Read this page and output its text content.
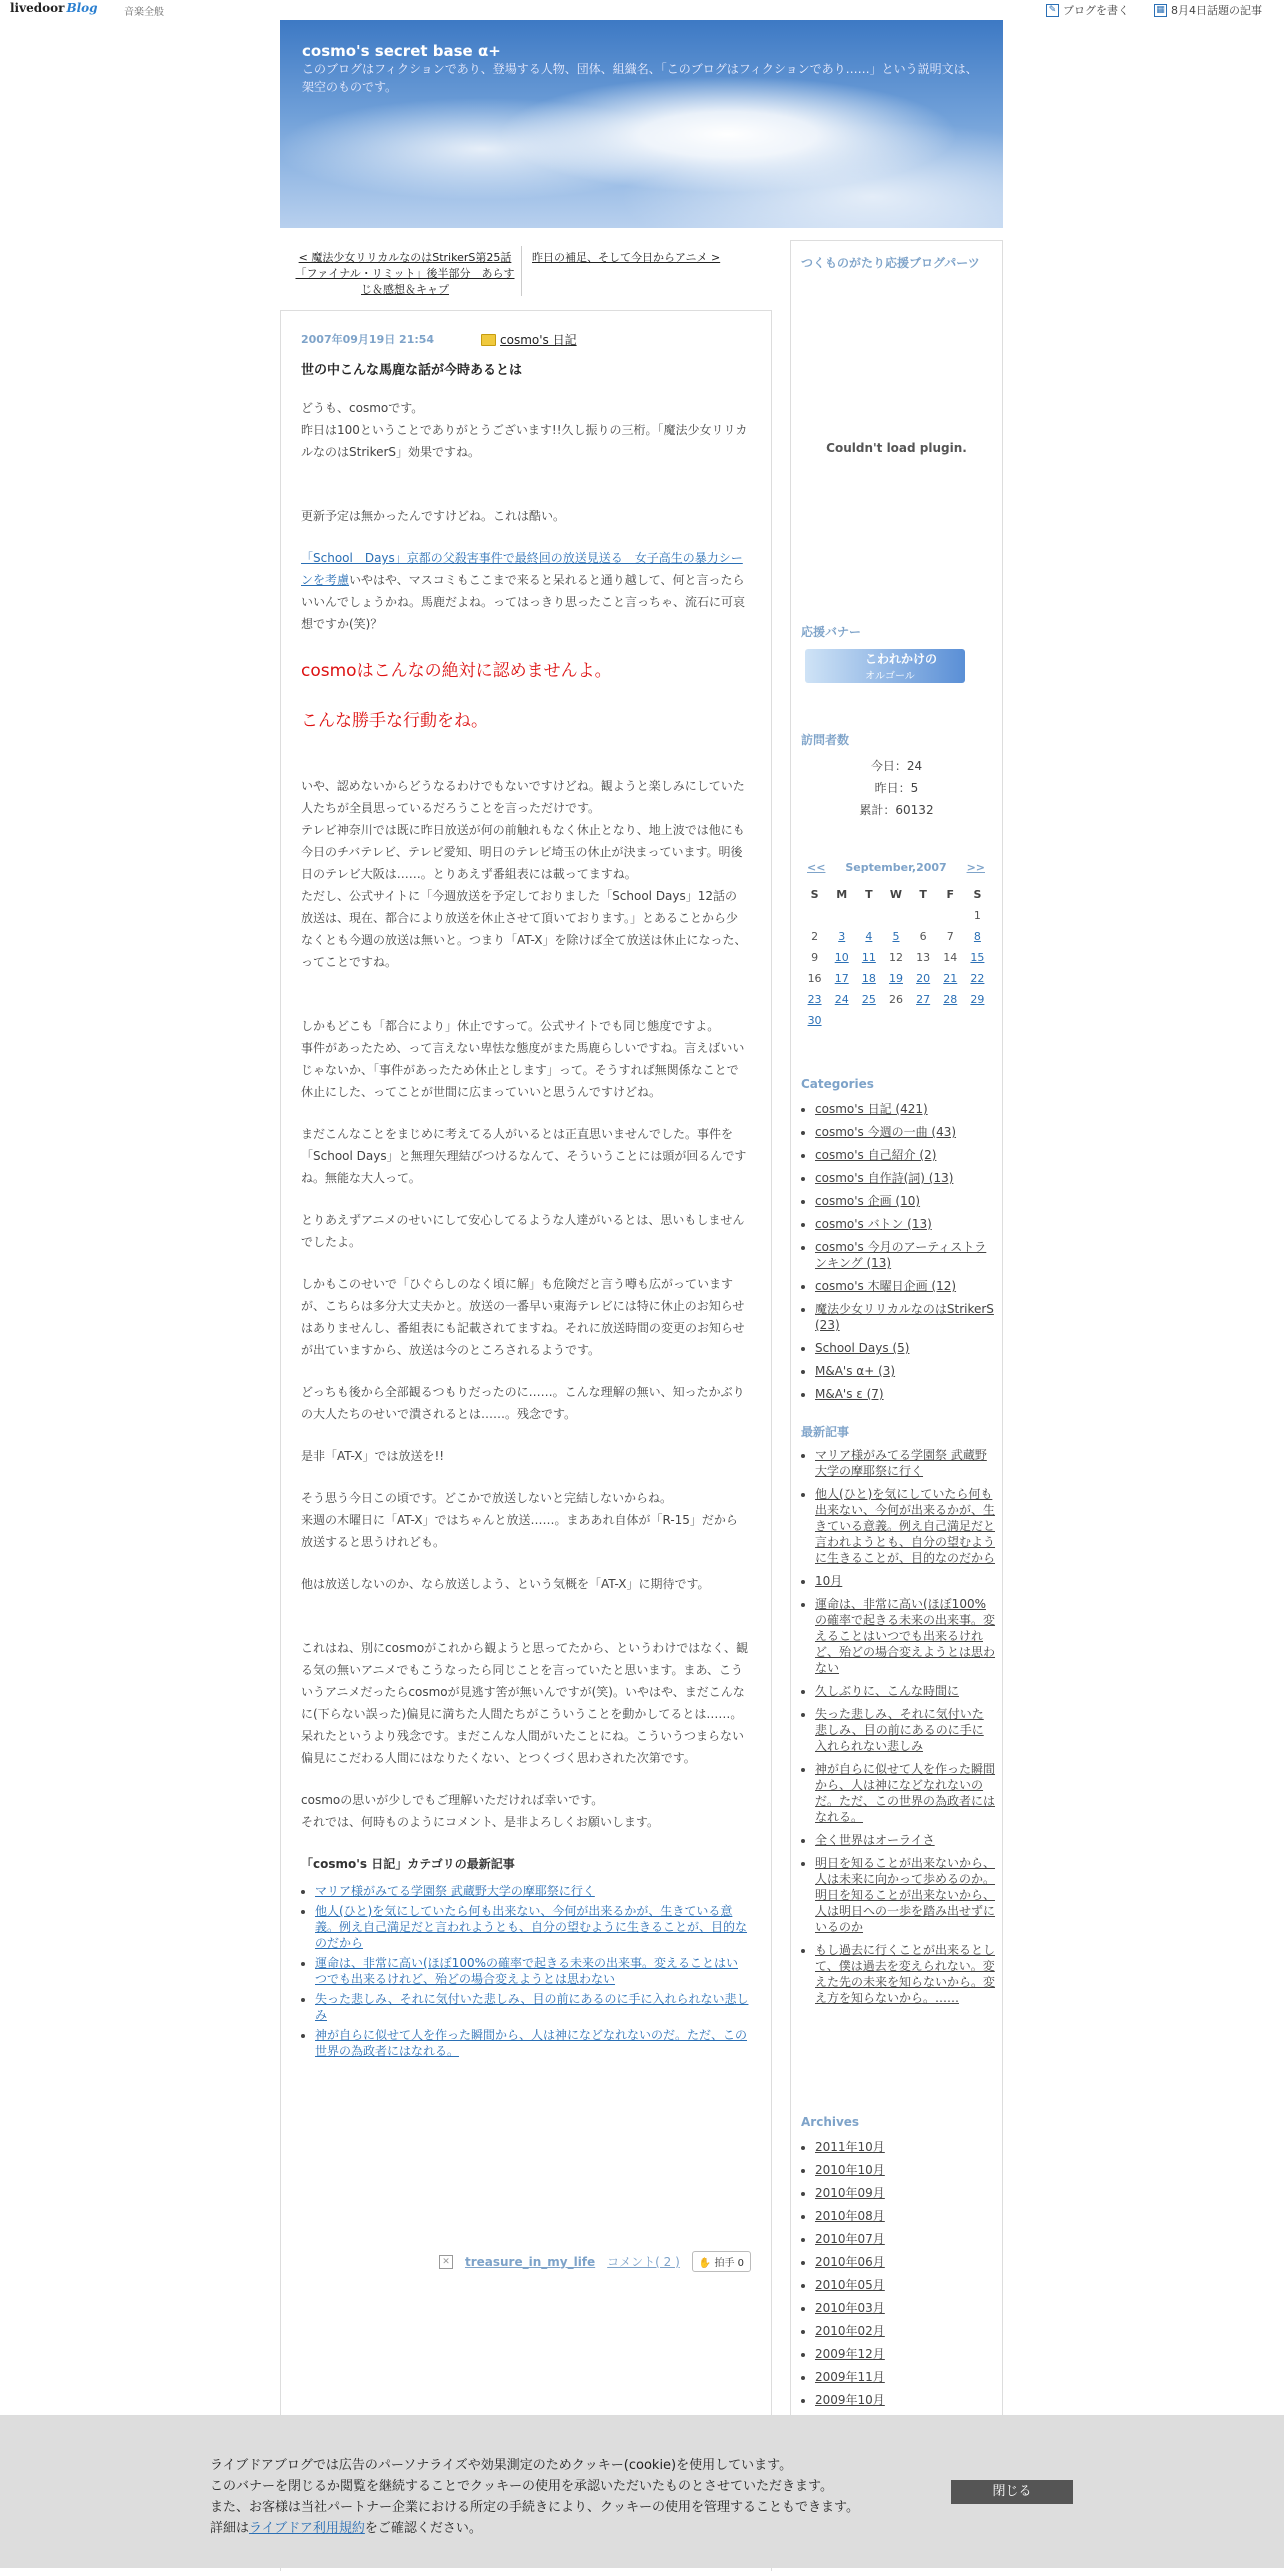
livedoor Blog	音楽全般	✎ ブログを書く	▦ 8月4日話題の記事
cosmo's secret base α+
このブログはフィクションであり、登場する人物、団体、組織名、「このブログはフィクションであり……」という説明文は、架空のものです。
< 魔法少女リリカルなのはStrikerS第25話「ファイナル・リミット」後半部分　あらすじ＆感想＆キャプ
昨日の補足、そして今日からアニメ >
2007年09月19日 21:54	cosmo's 日記
世の中こんな馬鹿な話が今時あるとは

どうも、cosmoです。
昨日は100ということでありがとうございます!!久し振りの三桁。「魔法少女リリカルなのはStrikerS」効果ですね。

更新予定は無かったんですけどね。これは酷い。

「School　Days」京都の父殺害事件で最終回の放送見送る　女子高生の暴力シーンを考慮いやはや、マスコミもここまで来ると呆れると通り越して、何と言ったらいいんでしょうかね。馬鹿だよね。ってはっきり思ったこと言っちゃ、流石に可哀想ですか(笑)？

cosmoはこんなの絶対に認めませんよ。
こんな勝手な行動をね。

いや、認めないからどうなるわけでもないですけどね。観ようと楽しみにしていた人たちが全員思っているだろうことを言っただけです。
テレビ神奈川では既に昨日放送が何の前触れもなく休止となり、地上波では他にも今日のチバテレビ、テレビ愛知、明日のテレビ埼玉の休止が決まっています。明後日のテレビ大阪は……。とりあえず番組表には載ってますね。
ただし、公式サイトに「今週放送を予定しておりました「School Days」12話の放送は、現在、都合により放送を休止させて頂いております。」とあることから少なくとも今週の放送は無いと。つまり「AT-X」を除けば全て放送は休止になった、ってことですね。

しかもどこも「都合により」休止ですって。公式サイトでも同じ態度ですよ。
事件があったため、って言えない卑怯な態度がまた馬鹿らしいですね。言えばいいじゃないか、「事件があったため休止とします」って。そうすれば無関係なことで休止にした、ってことが世間に広まっていいと思うんですけどね。

まだこんなことをまじめに考えてる人がいるとは正直思いませんでした。事件を「School Days」と無理矢理結びつけるなんて、そういうことには頭が回るんですね。無能な大人って。

とりあえずアニメのせいにして安心してるような人達がいるとは、思いもしませんでしたよ。

しかもこのせいで「ひぐらしのなく頃に解」も危険だと言う噂も広がっていますが、こちらは多分大丈夫かと。放送の一番早い東海テレビには特に休止のお知らせはありませんし、番組表にも記載されてますね。それに放送時間の変更のお知らせが出ていますから、放送は今のところされるようです。

どっちも後から全部観るつもりだったのに……。こんな理解の無い、知ったかぶりの大人たちのせいで潰されるとは……。残念です。

是非「AT-X」では放送を!!

そう思う今日この頃です。どこかで放送しないと完結しないからね。
来週の木曜日に「AT-X」ではちゃんと放送……。まああれ自体が「R-15」だから放送すると思うけれども。

他は放送しないのか、なら放送しよう、という気概を「AT-X」に期待です。

これはね、別にcosmoがこれから観ようと思ってたから、というわけではなく、観る気の無いアニメでもこうなったら同じことを言っていたと思います。まあ、こういうアニメだったらcosmoが見逃す筈が無いんですが(笑)。いやはや、まだこんなに(下らない誤った)偏見に満ちた人間たちがこういうことを動かしてるとは……。呆れたというより残念です。まだこんな人間がいたことにね。こういうつまらない偏見にこだわる人間にはなりたくない、とつくづく思わされた次第です。

cosmoの思いが少しでもご理解いただければ幸いです。
それでは、何時ものようにコメント、是非よろしくお願いします。

「cosmo's 日記」カテゴリの最新記事
• マリア様がみてる学園祭 武蔵野大学の摩耶祭に行く
• 他人(ひと)を気にしていたら何も出来ない、今何が出来るかが、生きている意義。例え自己満足だと言われようとも、自分の望むように生きることが、目的なのだから
• 運命は、非常に高い(ほぼ100%の確率で起きる未来の出来事。変えることはいつでも出来るけれど、殆どの場合変えようとは思わない
• 失った悲しみ、それに気付いた悲しみ、目の前にあるのに手に入れられない悲しみ
• 神が自らに似せて人を作った瞬間から、人は神になどなれないのだ。ただ、この世界の為政者にはなれる。
✕ treasure_in_my_life コメント( 2 )	✋ 拍手 0
つくものがたり応援ブログパーツ
Couldn't load plugin.
応援バナー
こわれかけの
オルゴール
訪問者数
今日：24
昨日：5
累計：60132
<< September,2007 >>
S	M	T	W	T	F	S
						1
2	3	4	5	6	7	8
9	10	11	12	13	14	15
16	17	18	19	20	21	22
23	24	25	26	27	28	29
30						
Categories
• cosmo's 日記 (421)
• cosmo's 今週の一曲 (43)
• cosmo's 自己紹介 (2)
• cosmo's 自作詩(詞) (13)
• cosmo's 企画 (10)
• cosmo's バトン (13)
• cosmo's 今月のアーティストランキング (13)
• cosmo's 木曜日企画 (12)
• 魔法少女リリカルなのはStrikerS (23)
• School Days (5)
• M&A's α+ (3)
• M&A's ε (7)
最新記事
• マリア様がみてる学園祭 武蔵野大学の摩耶祭に行く
• 他人(ひと)を気にしていたら何も出来ない、今何が出来るかが、生きている意義。例え自己満足だと言われようとも、自分の望むように生きることが、目的なのだから
• 10月
• 運命は、非常に高い(ほぼ100%の確率で起きる未来の出来事。変えることはいつでも出来るけれど、殆どの場合変えようとは思わない
• 久しぶりに、こんな時間に
• 失った悲しみ、それに気付いた悲しみ、目の前にあるのに手に入れられない悲しみ
• 神が自らに似せて人を作った瞬間から、人は神になどなれないのだ。ただ、この世界の為政者にはなれる。
• 全く世界はオーライさ
• 明日を知ることが出来ないから、人は未来に向かって歩めるのか。明日を知ることが出来ないから、人は明日への一歩を踏み出せずにいるのか
• もし過去に行くことが出来るとして、僕は過去を変えられない。変えた先の未来を知らないから。変え方を知らないから。……
Archives
• 2011年10月
• 2010年10月
• 2010年09月
• 2010年08月
• 2010年07月
• 2010年06月
• 2010年05月
• 2010年03月
• 2010年02月
• 2009年12月
• 2009年11月
• 2009年10月
ライブドアブログでは広告のパーソナライズや効果測定のためクッキー(cookie)を使用しています。
このバナーを閉じるか閲覧を継続することでクッキーの使用を承認いただいたものとさせていただきます。
また、お客様は当社パートナー企業における所定の手続きにより、クッキーの使用を管理することもできます。
詳細はライブドア利用規約をご確認ください。
閉じる
